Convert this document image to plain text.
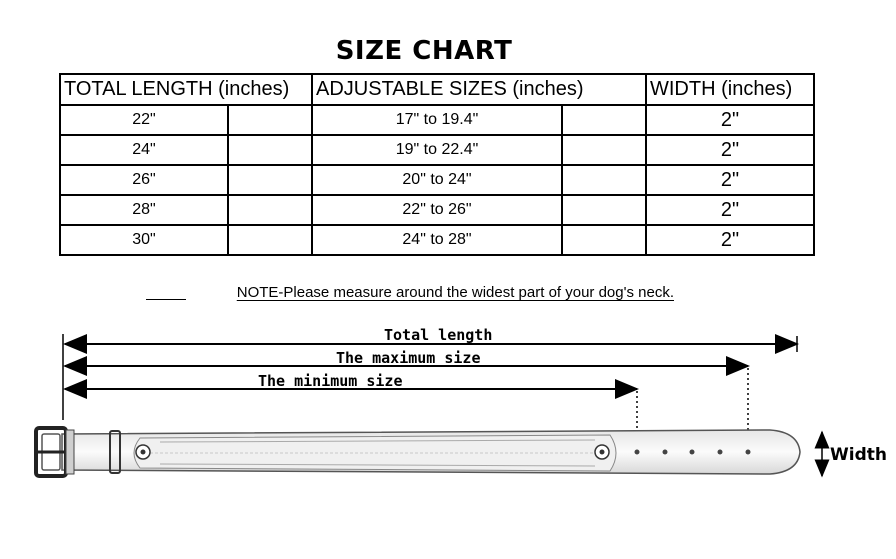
SIZE CHART
TOTAL LENGTH (inches)		ADJUSTABLE SIZES (inches)		WIDTH (inches)
22"		17" to 19.4"		2"
24"		19" to 22.4"		2"
26"		20" to 24"		2"
28"		22" to 26"		2"
30"		24" to 28"		2"
NOTE-Please measure around the widest part of your dog's neck.
Total length
The maximum size
The minimum size
Width
